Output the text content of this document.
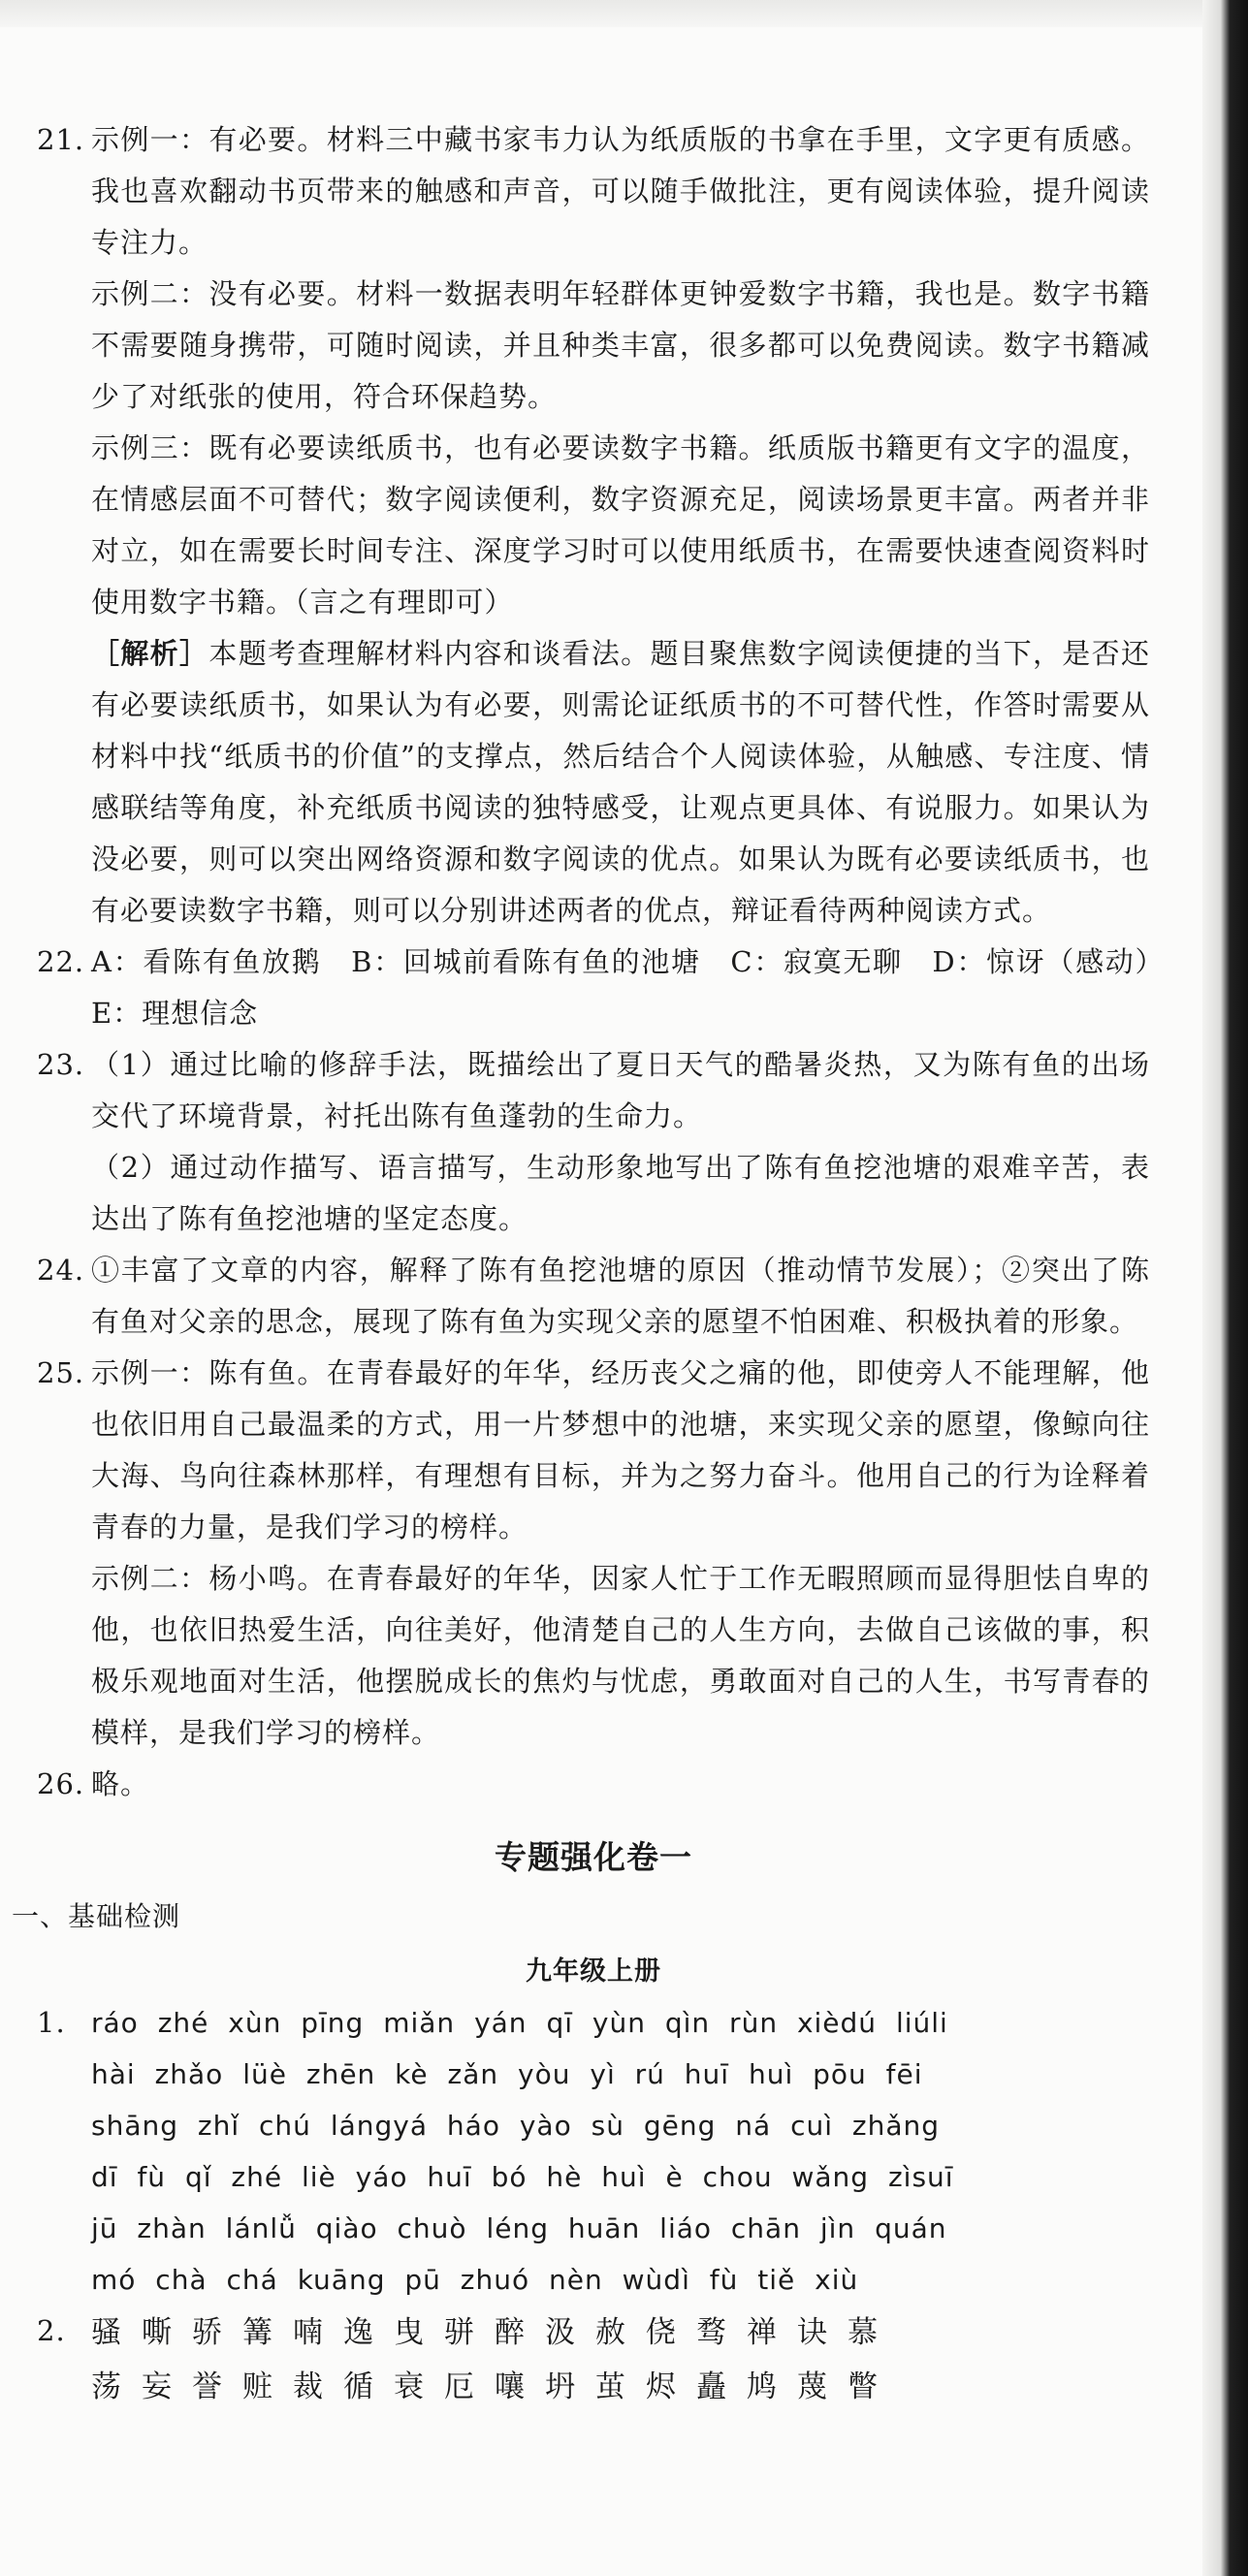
21. 示例一：有必要。材料三中藏书家韦力认为纸质版的书拿在手里，文字更有质感。我也喜欢翻动书页带来的触感和声音，可以随手做批注，更有阅读体验，提升阅读专注力。

示例二：没有必要。材料一数据表明年轻群体更钟爱数字书籍，我也是。数字书籍不需要随身携带，可随时阅读，并且种类丰富，很多都可以免费阅读。数字书籍减少了对纸张的使用，符合环保趋势。

示例三：既有必要读纸质书，也有必要读数字书籍。纸质版书籍更有文字的温度，在情感层面不可替代；数字阅读便利，数字资源充足，阅读场景更丰富。两者并非对立，如在需要长时间专注、深度学习时可以使用纸质书，在需要快速查阅资料时使用数字书籍。（言之有理即可）

［解析］本题考查理解材料内容和谈看法。题目聚焦数字阅读便捷的当下，是否还有必要读纸质书，如果认为有必要，则需论证纸质书的不可替代性，作答时需要从材料中找“纸质书的价值”的支撑点，然后结合个人阅读体验，从触感、专注度、情感联结等角度，补充纸质书阅读的独特感受，让观点更具体、有说服力。如果认为没必要，则可以突出网络资源和数字阅读的优点。如果认为既有必要读纸质书，也有必要读数字书籍，则可以分别讲述两者的优点，辩证看待两种阅读方式。

22. A：看陈有鱼放鹅　B：回城前看陈有鱼的池塘　C：寂寞无聊　D：惊讶（感动）　E：理想信念

23. （1）通过比喻的修辞手法，既描绘出了夏日天气的酷暑炎热，又为陈有鱼的出场交代了环境背景，衬托出陈有鱼蓬勃的生命力。

（2）通过动作描写、语言描写，生动形象地写出了陈有鱼挖池塘的艰难辛苦，表达出了陈有鱼挖池塘的坚定态度。

24. ①丰富了文章的内容，解释了陈有鱼挖池塘的原因（推动情节发展）；②突出了陈有鱼对父亲的思念，展现了陈有鱼为实现父亲的愿望不怕困难、积极执着的形象。

25. 示例一：陈有鱼。在青春最好的年华，经历丧父之痛的他，即使旁人不能理解，他也依旧用自己最温柔的方式，用一片梦想中的池塘，来实现父亲的愿望，像鲸向往大海、鸟向往森林那样，有理想有目标，并为之努力奋斗。他用自己的行为诠释着青春的力量，是我们学习的榜样。

示例二：杨小鸣。在青春最好的年华，因家人忙于工作无暇照顾而显得胆怯自卑的他，也依旧热爱生活，向往美好，他清楚自己的人生方向，去做自己该做的事，积极乐观地面对生活，他摆脱成长的焦灼与忧虑，勇敢面对自己的人生，书写青春的模样，是我们学习的榜样。

26. 略。

专题强化卷一
一、基础检测
九年级上册
1. ráo zhé xùn pīng miǎn yán qī yùn qìn rùn xièdú liúli
hài zhǎo lüè zhēn kè zǎn yòu yì rú huī huì pōu fēi
shāng zhǐ chú lángyá háo yào sù gēng ná cuì zhǎng
dī fù qǐ zhé liè yáo huī bó hè huì è chou wǎng zìsuī
jū zhàn lánlǚ qiào chuò léng huān liáo chān jìn quán
mó chà chá kuāng pū zhuó nèn wùdì fù tiě xiù
2. 骚嘶骄篝喃逸曳骈醉汲赦侥骛禅诀慕
荡妄誉赃裁循衰厄嚷坍茧烬矗鸠蔑瞥
